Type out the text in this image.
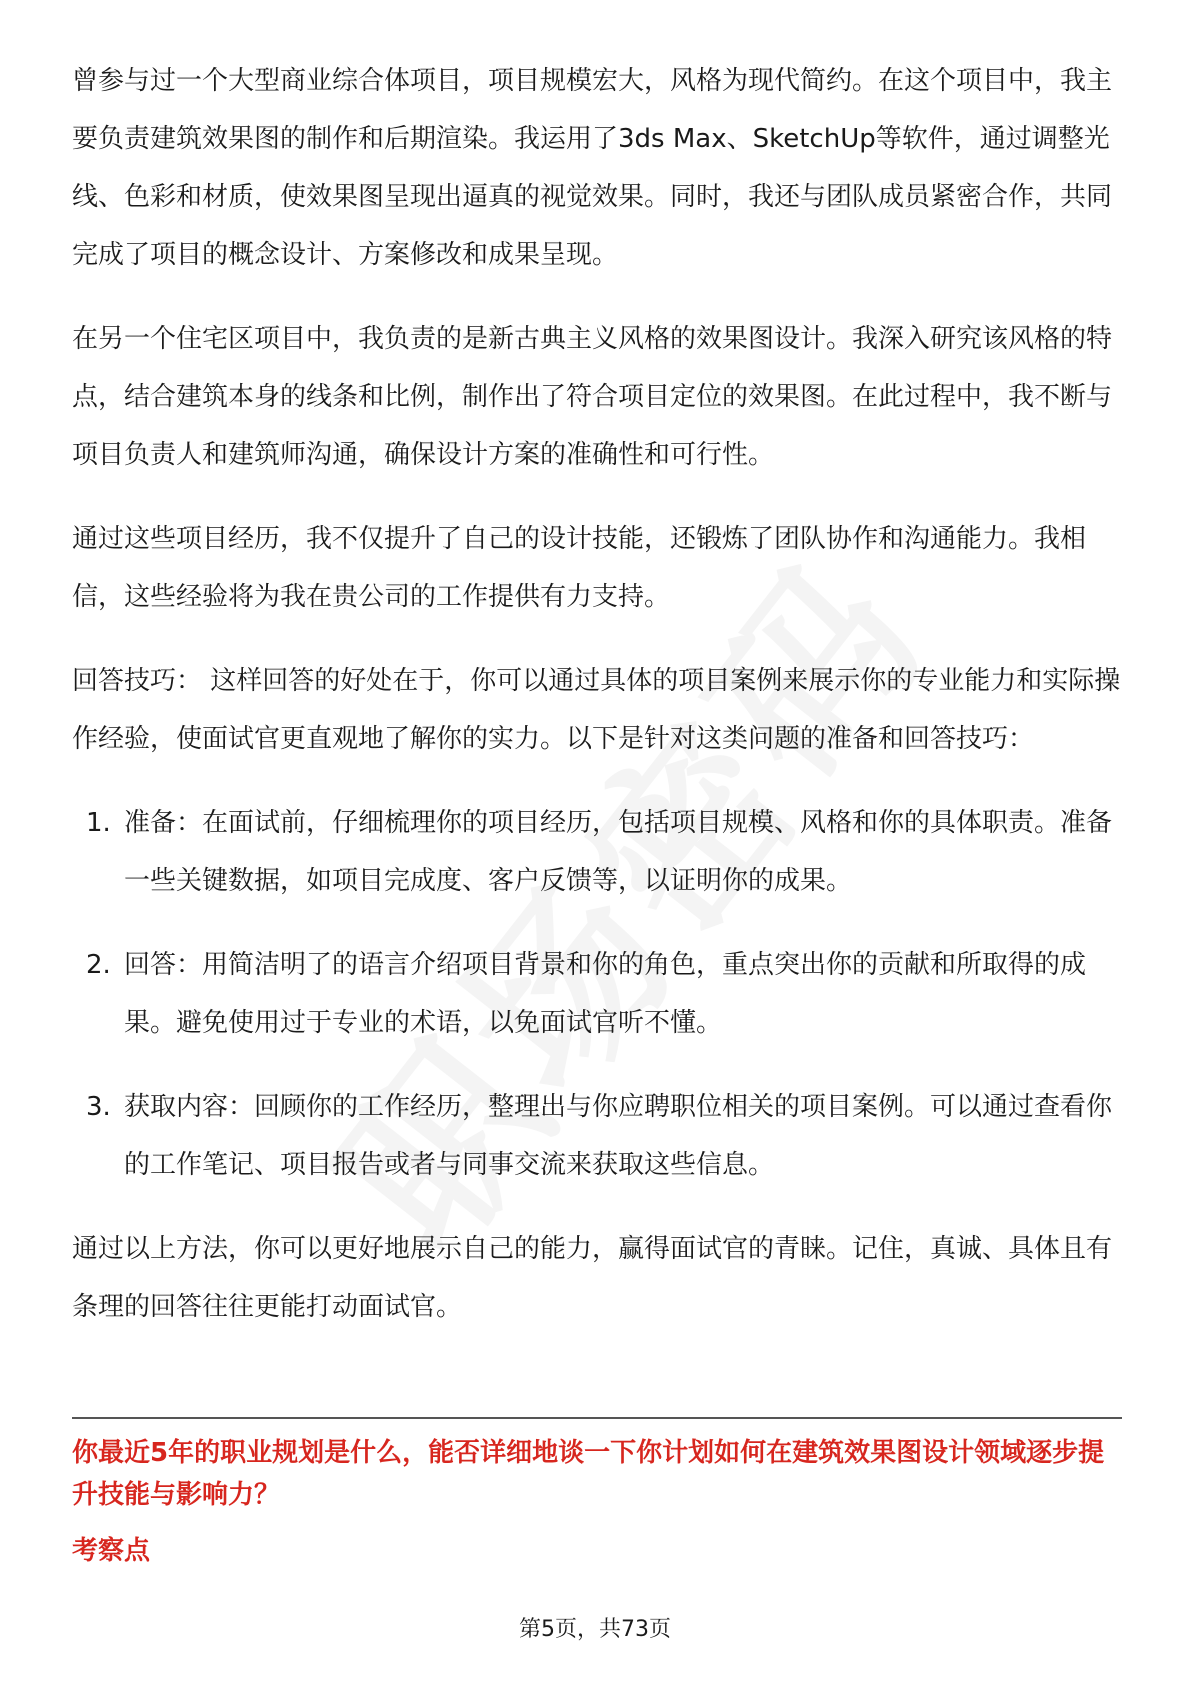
曾参与过一个大型商业综合体项目，项目规模宏大，风格为现代简约。在这个项目中，我主要负责建筑效果图的制作和后期渲染。我运用了3ds Max、SketchUp等软件，通过调整光线、色彩和材质，使效果图呈现出逼真的视觉效果。同时，我还与团队成员紧密合作，共同完成了项目的概念设计、方案修改和成果呈现。

在另一个住宅区项目中，我负责的是新古典主义风格的效果图设计。我深入研究该风格的特点，结合建筑本身的线条和比例，制作出了符合项目定位的效果图。在此过程中，我不断与项目负责人和建筑师沟通，确保设计方案的准确性和可行性。

通过这些项目经历，我不仅提升了自己的设计技能，还锻炼了团队协作和沟通能力。我相信，这些经验将为我在贵公司的工作提供有力支持。

回答技巧： 这样回答的好处在于，你可以通过具体的项目案例来展示你的专业能力和实际操作经验，使面试官更直观地了解你的实力。以下是针对这类问题的准备和回答技巧：

1. 准备：在面试前，仔细梳理你的项目经历，包括项目规模、风格和你的具体职责。准备一些关键数据，如项目完成度、客户反馈等，以证明你的成果。
2. 回答：用简洁明了的语言介绍项目背景和你的角色，重点突出你的贡献和所取得的成果。避免使用过于专业的术语，以免面试官听不懂。
3. 获取内容：回顾你的工作经历，整理出与你应聘职位相关的项目案例。可以通过查看你的工作笔记、项目报告或者与同事交流来获取这些信息。

通过以上方法，你可以更好地展示自己的能力，赢得面试官的青睐。记住，真诚、具体且有条理的回答往往更能打动面试官。

你最近5年的职业规划是什么，能否详细地谈一下你计划如何在建筑效果图设计领域逐步提升技能与影响力？

考察点

第5页，共73页
